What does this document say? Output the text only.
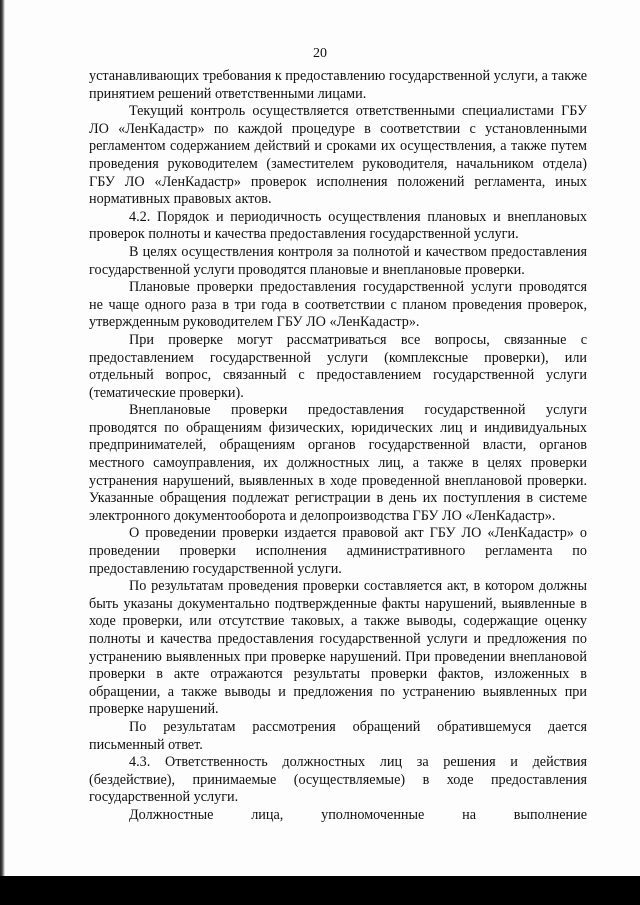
20

устанавливающих требования к предоставлению государственной услуги, а также принятием решений ответственными лицами.

Текущий контроль осуществляется ответственными специалистами ГБУ ЛО «ЛенКадастр» по каждой процедуре в соответствии с установленными регламентом содержанием действий и сроками их осуществления, а также путем проведения руководителем (заместителем руководителя, начальником отдела) ГБУ ЛО «ЛенКадастр» проверок исполнения положений регламента, иных нормативных правовых актов.

4.2. Порядок и периодичность осуществления плановых и внеплановых проверок полноты и качества предоставления государственной услуги.

В целях осуществления контроля за полнотой и качеством предоставления государственной услуги проводятся плановые и внеплановые проверки.

Плановые проверки предоставления государственной услуги проводятся не чаще одного раза в три года в соответствии с планом проведения проверок, утвержденным руководителем ГБУ ЛО «ЛенКадастр».

При проверке могут рассматриваться все вопросы, связанные с предоставлением государственной услуги (комплексные проверки), или отдельный вопрос, связанный с предоставлением государственной услуги (тематические проверки).

Внеплановые проверки предоставления государственной услуги проводятся по обращениям физических, юридических лиц и индивидуальных предпринимателей, обращениям органов государственной власти, органов местного самоуправления, их должностных лиц, а также в целях проверки устранения нарушений, выявленных в ходе проведенной внеплановой проверки. Указанные обращения подлежат регистрации в день их поступления в системе электронного документооборота и делопроизводства ГБУ ЛО «ЛенКадастр».

О проведении проверки издается правовой акт ГБУ ЛО «ЛенКадастр» о проведении проверки исполнения административного регламента по предоставлению государственной услуги.

По результатам проведения проверки составляется акт, в котором должны быть указаны документально подтвержденные факты нарушений, выявленные в ходе проверки, или отсутствие таковых, а также выводы, содержащие оценку полноты и качества предоставления государственной услуги и предложения по устранению выявленных при проверке нарушений. При проведении внеплановой проверки в акте отражаются результаты проверки фактов, изложенных в обращении, а также выводы и предложения по устранению выявленных при проверке нарушений.

По результатам рассмотрения обращений обратившемуся дается письменный ответ.

4.3. Ответственность должностных лиц за решения и действия (бездействие), принимаемые (осуществляемые) в ходе предоставления государственной услуги.

Должностные лица, уполномоченные на выполнение
